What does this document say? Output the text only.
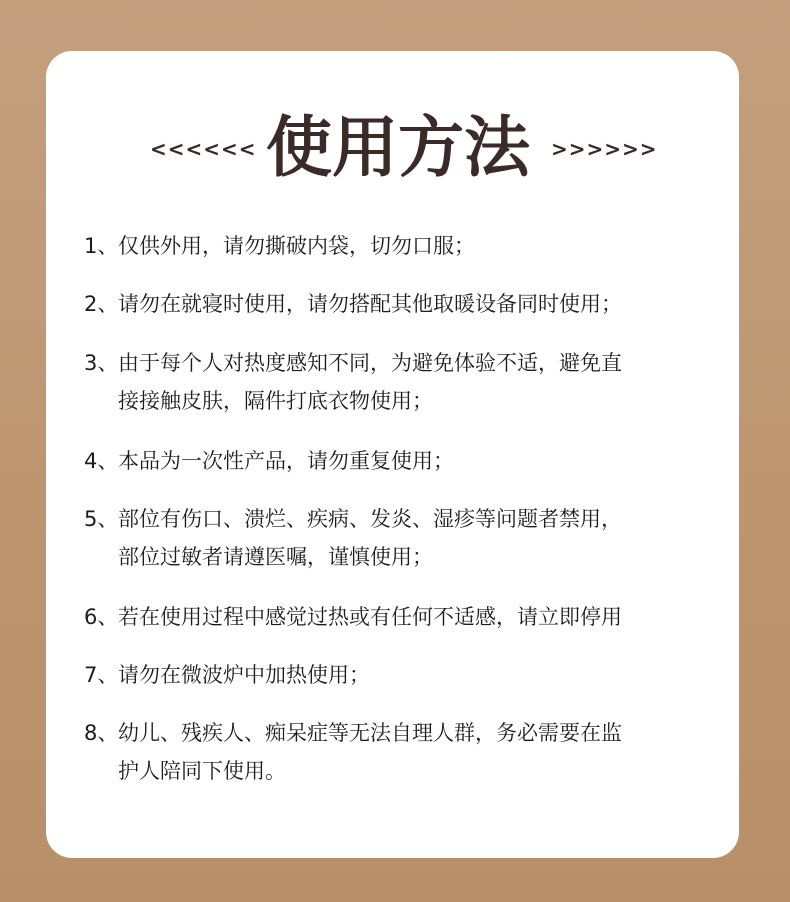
<<<<<< 使用方法	>>>>>>
1、 仅供外用，请勿撕破内袋，切勿口服；
2、 请勿在就寝时使用，请勿搭配其他取暖设备同时使用；
3、 由于每个人对热度感知不同，为避免体验不适，避免直
接接触皮肤，隔件打底衣物使用；
4、 本品为一次性产品，请勿重复使用；
5、 部位有伤口、溃烂、疾病、发炎、湿疹等问题者禁用，
部位过敏者请遵医嘱，谨慎使用；
6、 若在使用过程中感觉过热或有任何不适感，请立即停用
7、 请勿在微波炉中加热使用；
8、 幼儿、残疾人、痴呆症等无法自理人群，务必需要在监
护人陪同下使用。
